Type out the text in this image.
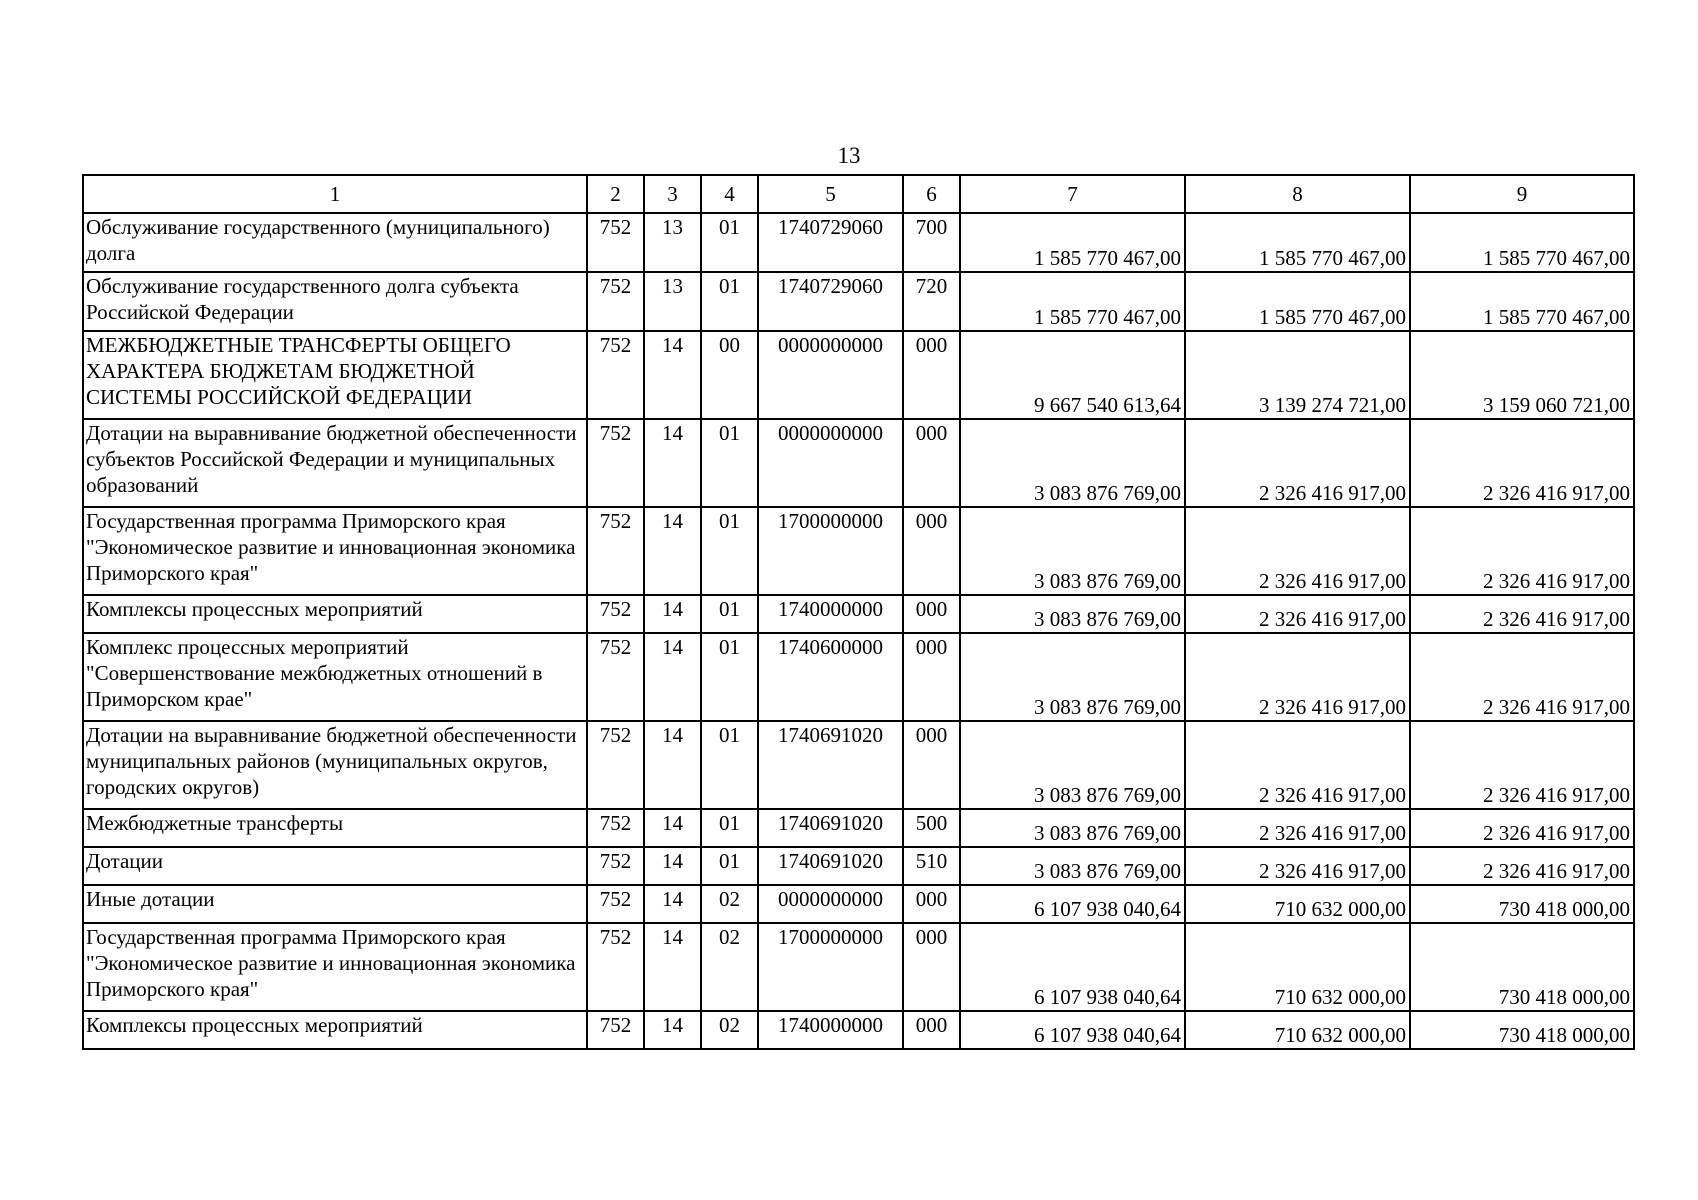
13
1	2	3	4	5	6	7	8	9
Обслуживание государственного (муниципального) долга	752	13	01	1740729060	700	1 585 770 467,00	1 585 770 467,00	1 585 770 467,00
Обслуживание государственного долга субъекта Российской Федерации	752	13	01	1740729060	720	1 585 770 467,00	1 585 770 467,00	1 585 770 467,00
МЕЖБЮДЖЕТНЫЕ ТРАНСФЕРТЫ ОБЩЕГО ХАРАКТЕРА БЮДЖЕТАМ БЮДЖЕТНОЙ СИСТЕМЫ РОССИЙСКОЙ ФЕДЕРАЦИИ	752	14	00	0000000000	000	9 667 540 613,64	3 139 274 721,00	3 159 060 721,00
Дотации на выравнивание бюджетной обеспеченности субъектов Российской Федерации и муниципальных образований	752	14	01	0000000000	000	3 083 876 769,00	2 326 416 917,00	2 326 416 917,00
Государственная программа Приморского края "Экономическое развитие и инновационная экономика Приморского края"	752	14	01	1700000000	000	3 083 876 769,00	2 326 416 917,00	2 326 416 917,00
Комплексы процессных мероприятий	752	14	01	1740000000	000	3 083 876 769,00	2 326 416 917,00	2 326 416 917,00
Комплекс процессных мероприятий "Совершенствование межбюджетных отношений в Приморском крае"	752	14	01	1740600000	000	3 083 876 769,00	2 326 416 917,00	2 326 416 917,00
Дотации на выравнивание бюджетной обеспеченности муниципальных районов (муниципальных округов, городских округов)	752	14	01	1740691020	000	3 083 876 769,00	2 326 416 917,00	2 326 416 917,00
Межбюджетные трансферты	752	14	01	1740691020	500	3 083 876 769,00	2 326 416 917,00	2 326 416 917,00
Дотации	752	14	01	1740691020	510	3 083 876 769,00	2 326 416 917,00	2 326 416 917,00
Иные дотации	752	14	02	0000000000	000	6 107 938 040,64	710 632 000,00	730 418 000,00
Государственная программа Приморского края "Экономическое развитие и инновационная экономика Приморского края"	752	14	02	1700000000	000	6 107 938 040,64	710 632 000,00	730 418 000,00
Комплексы процессных мероприятий	752	14	02	1740000000	000	6 107 938 040,64	710 632 000,00	730 418 000,00
